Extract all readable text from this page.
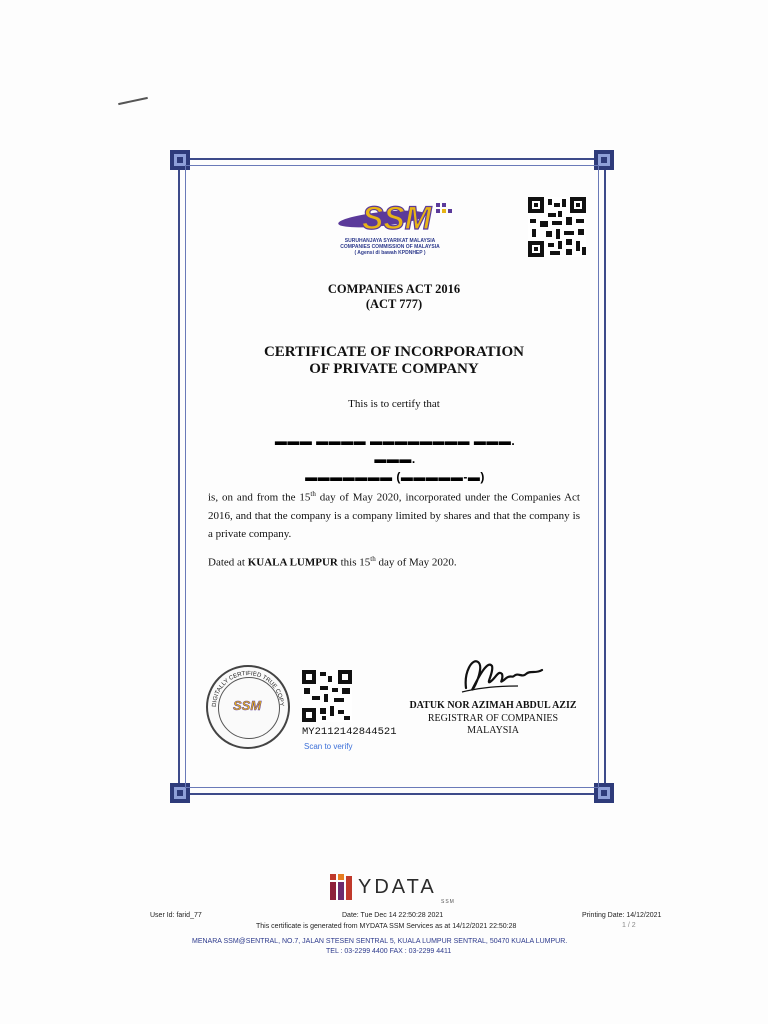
SSM
SURUHANJAYA SYARIKAT MALAYSIA
COMPANIES COMMISSION OF MALAYSIA
( Agensi di bawah KPDNHEP )
COMPANIES ACT 2016
(ACT 777)
CERTIFICATE OF INCORPORATION
OF PRIVATE COMPANY
This is to certify that
▬▬▬ ▬▬▬▬ ▬▬▬▬▬▬▬▬ ▬▬▬. ▬▬▬.
▬▬▬▬▬▬▬ (▬▬▬▬▬-▬)
is, on and from the 15th day of May 2020, incorporated under the Companies Act 2016, and that the company is a company limited by shares and that the company is a private company.
Dated at KUALA LUMPUR this 15th day of May 2020.
DIGITALLY CERTIFIED TRUE COPY
SSM
MY2112142844521
Scan to verify
DATUK NOR AZIMAH ABDUL AZIZ
REGISTRAR OF COMPANIES
MALAYSIA
YDATA
SSM
User Id: farid_77	Date: Tue Dec 14 22:50:28 2021	Printing Date: 14/12/2021
1 / 2
This certificate is generated from MYDATA SSM Services as at 14/12/2021 22:50:28
MENARA SSM@SENTRAL, NO.7, JALAN STESEN SENTRAL 5, KUALA LUMPUR SENTRAL, 50470 KUALA LUMPUR.
TEL : 03-2299 4400 FAX : 03-2299 4411
